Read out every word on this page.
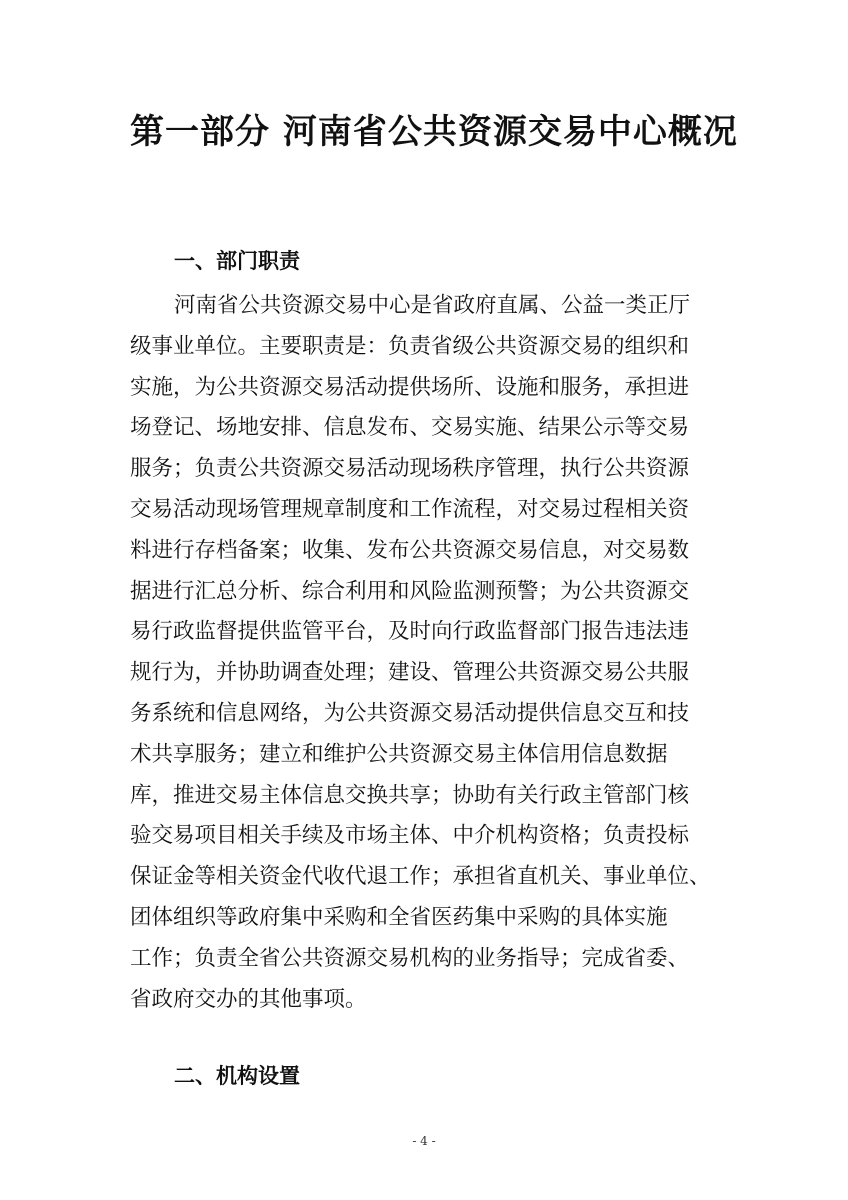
第一部分 河南省公共资源交易中心概况
一、部门职责
河南省公共资源交易中心是省政府直属、公益一类正厅
级事业单位。主要职责是：负责省级公共资源交易的组织和
实施，为公共资源交易活动提供场所、设施和服务，承担进
场登记、场地安排、信息发布、交易实施、结果公示等交易
服务；负责公共资源交易活动现场秩序管理，执行公共资源
交易活动现场管理规章制度和工作流程，对交易过程相关资
料进行存档备案；收集、发布公共资源交易信息，对交易数
据进行汇总分析、综合利用和风险监测预警；为公共资源交
易行政监督提供监管平台，及时向行政监督部门报告违法违
规行为，并协助调查处理；建设、管理公共资源交易公共服
务系统和信息网络，为公共资源交易活动提供信息交互和技
术共享服务；建立和维护公共资源交易主体信用信息数据
库，推进交易主体信息交换共享；协助有关行政主管部门核
验交易项目相关手续及市场主体、中介机构资格；负责投标
保证金等相关资金代收代退工作；承担省直机关、事业单位、
团体组织等政府集中采购和全省医药集中采购的具体实施
工作；负责全省公共资源交易机构的业务指导；完成省委、
省政府交办的其他事项。
二、机构设置
- 4 -
